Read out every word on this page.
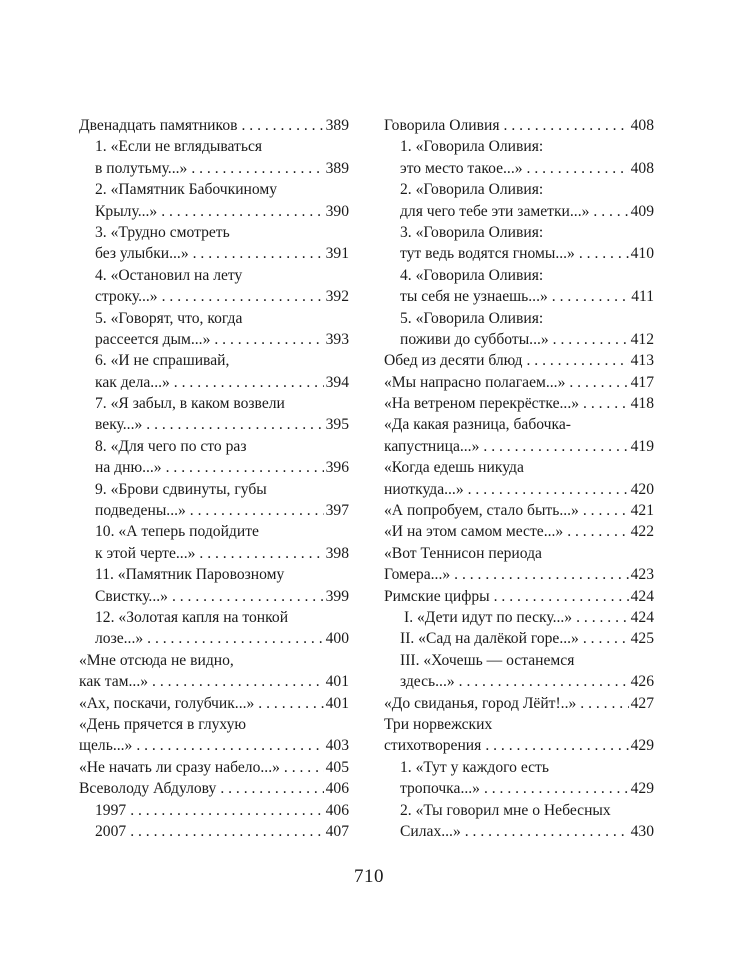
Двенадцать памятников . . .	389
1. «Если не вглядываться
в полутьму...» . . .	389
2. «Памятник Бабочкиному
Крылу...» . . .	390
3. «Трудно смотреть
без улыбки...» . . .	391
4. «Остановил на лету
строку...» . . .	392
5. «Говорят, что, когда
рассеется дым...» . . .	393
6. «И не спрашивай,
как дела...» . . .	394
7. «Я забыл, в каком возвели
веку...» . . .	395
8. «Для чего по сто раз
на дню...» . . .	396
9. «Брови сдвинуты, губы
подведены...» . . .	397
10. «А теперь подойдите
к этой черте...» . . .	398
11. «Памятник Паровозному
Свистку...» . . .	399
12. «Золотая капля на тонкой
лозе...» . . .	400
«Мне отсюда не видно,
как там...» . . .	401
«Ах, поскачи, голубчик...» . . .	401
«День прячется в глухую
щель...» . . .	403
«Не начать ли сразу набело...» . . .	405
Всеволоду Абдулову . . .	406
1997 . . .	406
2007 . . .	407
Говорила Оливия . . .	408
1. «Говорила Оливия:
это место такое...» . . .	408
2. «Говорила Оливия:
для чего тебе эти заметки...» . . .	409
3. «Говорила Оливия:
тут ведь водятся гномы...» . . .	410
4. «Говорила Оливия:
ты себя не узнаешь...» . . .	411
5. «Говорила Оливия:
поживи до субботы...» . . .	412
Обед из десяти блюд . . .	413
«Мы напрасно полагаем...» . . .	417
«На ветреном перекрёстке...» . . .	418
«Да какая разница, бабочка-
капустница...» . . .	419
«Когда едешь никуда
ниоткуда...» . . .	420
«А попробуем, стало быть...» . . .	421
«И на этом самом месте...» . . .	422
«Вот Теннисон периода
Гомера...» . . .	423
Римские цифры . . .	424
I. «Дети идут по песку...» . . .	424
II. «Сад на далёкой горе...» . . .	425
III. «Хочешь — останемся
здесь...» . . .	426
«До свиданья, город Лёйт!..» . . .	427
Три норвежских
стихотворения . . .	429
1. «Тут у каждого есть
тропочка...» . . .	429
2. «Ты говорил мне о Небесных
Силах...» . . .	430
710
